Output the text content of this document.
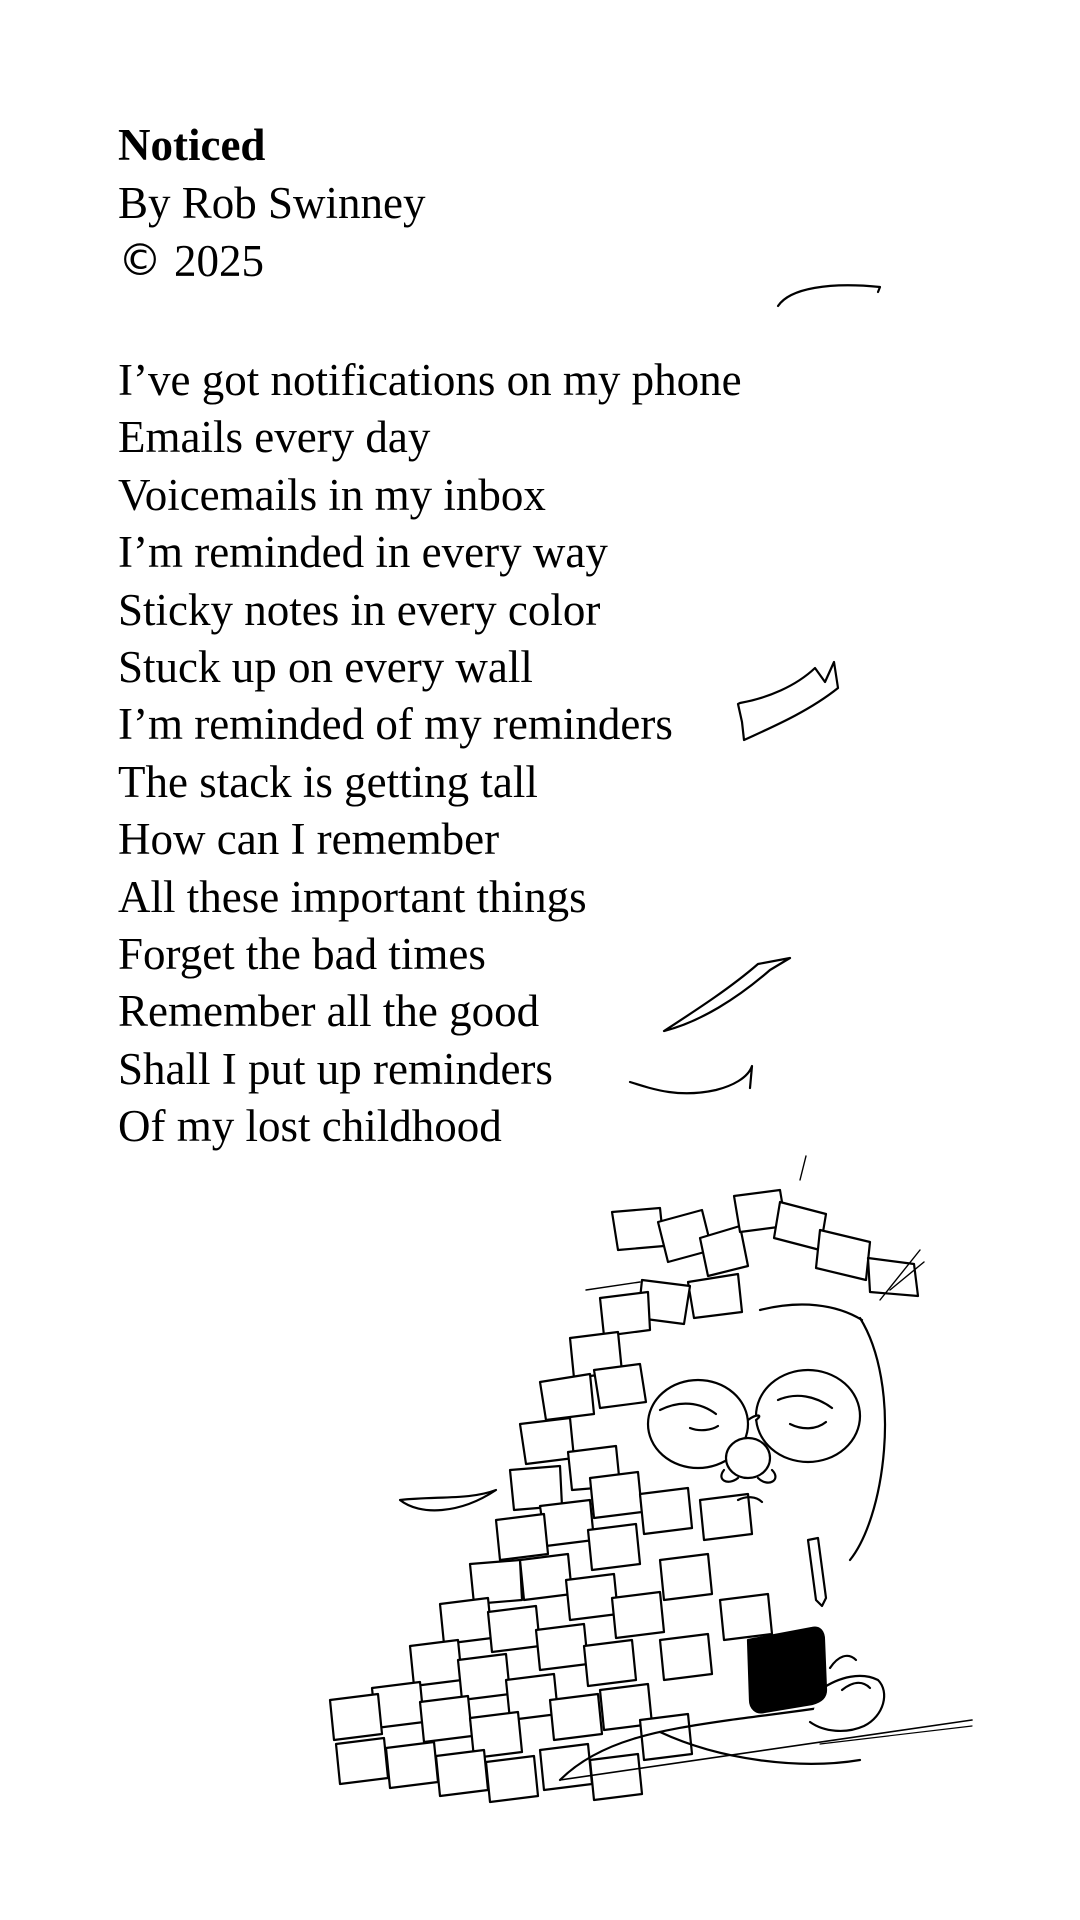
Noticed

By Rob Swinney

© 2025

I’ve got notifications on my phone

Emails every day

Voicemails in my inbox

I’m reminded in every way

Sticky notes in every color

Stuck up on every wall

I’m reminded of my reminders

The stack is getting tall

How can I remember

All these important things

Forget the bad times

Remember all the good

Shall I put up reminders

Of my lost childhood
